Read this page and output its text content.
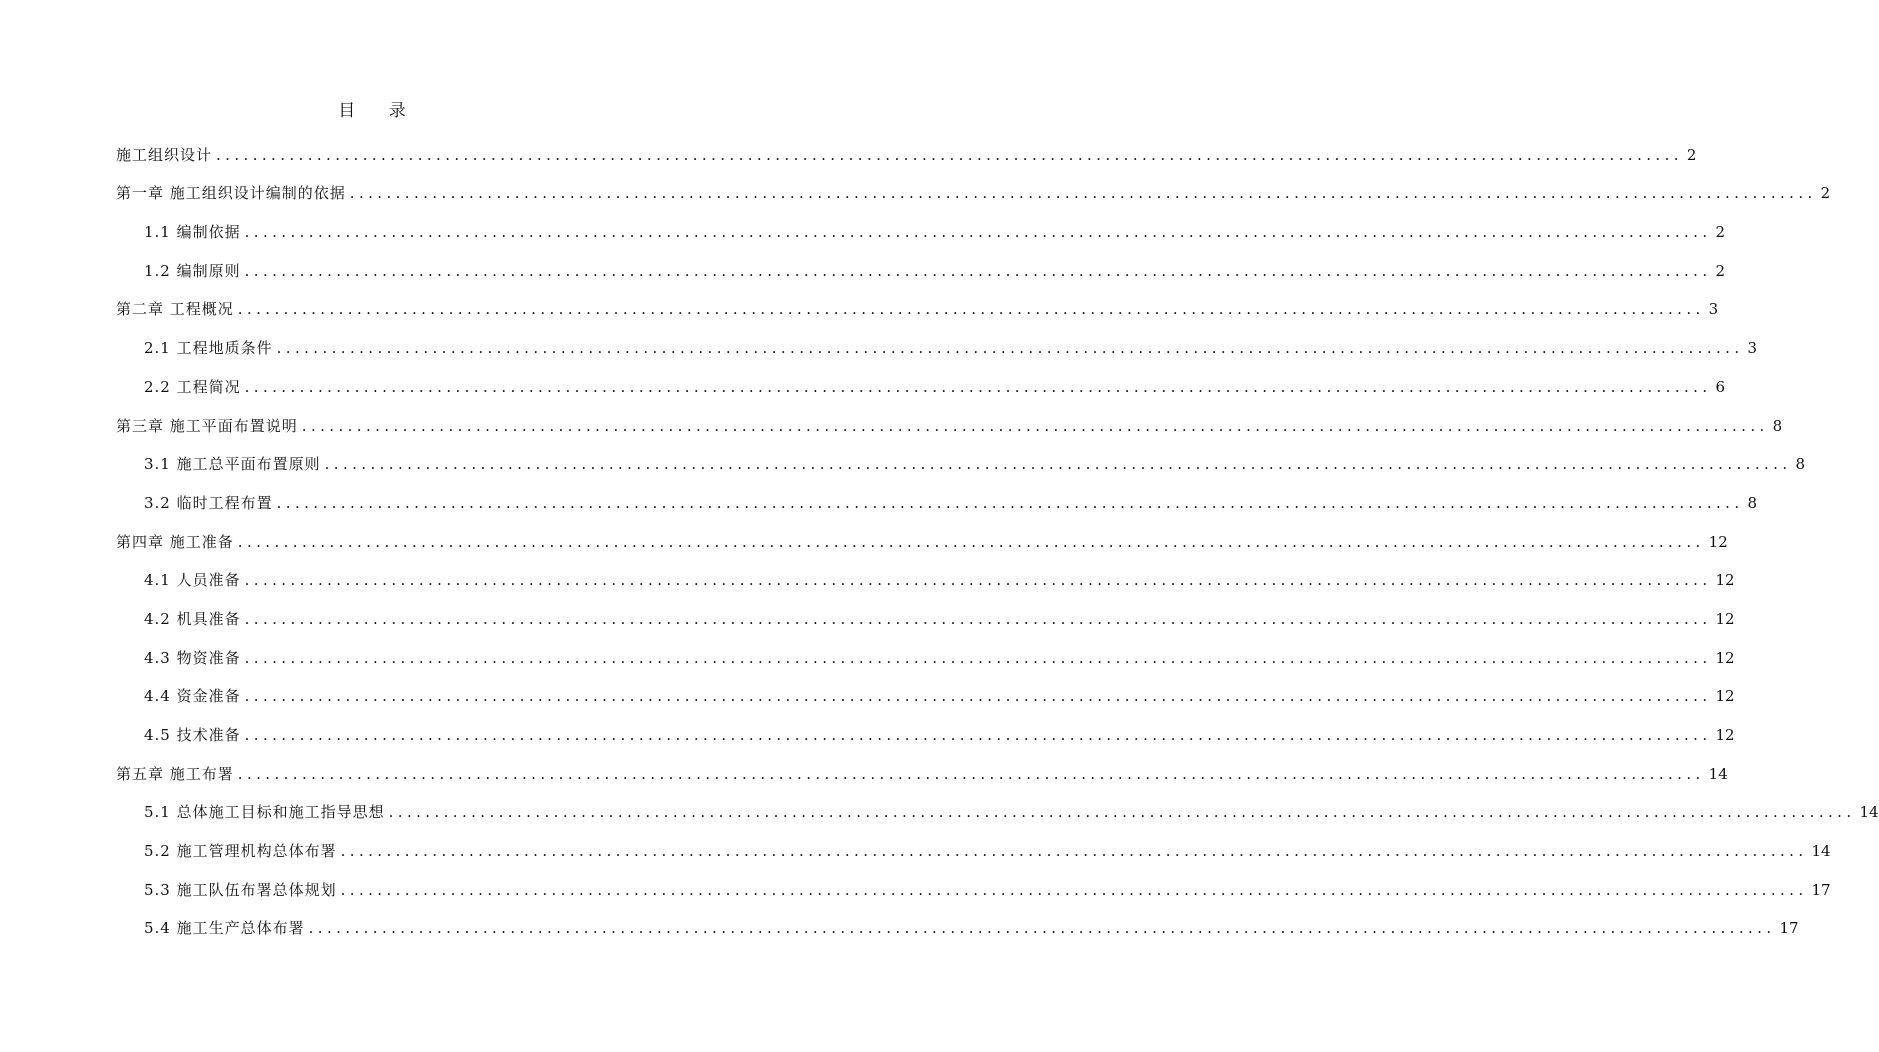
目 录
施工组织设计 ................................................................................................................................................................ 2
第一章 施工组织设计编制的依据 ................................................................................................................................................................ 2
1.1 编制依据 ................................................................................................................................................................ 2
1.2 编制原则 ................................................................................................................................................................ 2
第二章 工程概况 ................................................................................................................................................................ 3
2.1 工程地质条件 ................................................................................................................................................................ 3
2.2 工程简况 ................................................................................................................................................................ 6
第三章 施工平面布置说明 ................................................................................................................................................................ 8
3.1 施工总平面布置原则 ................................................................................................................................................................ 8
3.2 临时工程布置 ................................................................................................................................................................ 8
第四章 施工准备 ................................................................................................................................................................ 12
4.1 人员准备 ................................................................................................................................................................ 12
4.2 机具准备 ................................................................................................................................................................ 12
4.3 物资准备 ................................................................................................................................................................ 12
4.4 资金准备 ................................................................................................................................................................ 12
4.5 技术准备 ................................................................................................................................................................ 12
第五章 施工布署 ................................................................................................................................................................ 14
5.1 总体施工目标和施工指导思想 ................................................................................................................................................................ 14
5.2 施工管理机构总体布署 ................................................................................................................................................................ 14
5.3 施工队伍布署总体规划 ................................................................................................................................................................ 17
5.4 施工生产总体布署 ................................................................................................................................................................ 17
